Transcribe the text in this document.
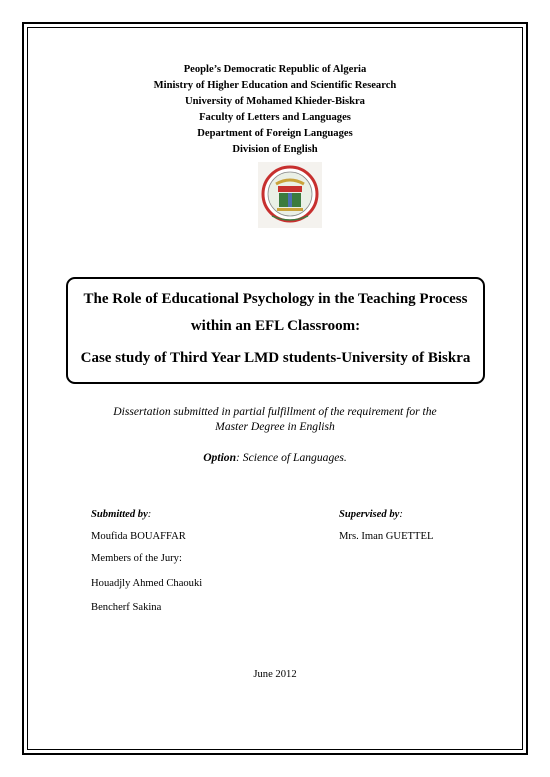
People’s Democratic Republic of Algeria
Ministry of Higher Education and Scientific Research
University of Mohamed Khieder-Biskra
Faculty of Letters and Languages
Department of Foreign Languages
Division of English
The Role of Educational Psychology in the Teaching Process
within an EFL Classroom:
Case study of Third Year LMD students-University of Biskra
Dissertation submitted in partial fulfillment of the requirement for the
Master Degree in English
Option: Science of Languages.
Submitted by:	Supervised by:
Moufida BOUAFFAR	Mrs. Iman GUETTEL
Members of the Jury:
Houadjly Ahmed Chaouki
Bencherf Sakina
June 2012
